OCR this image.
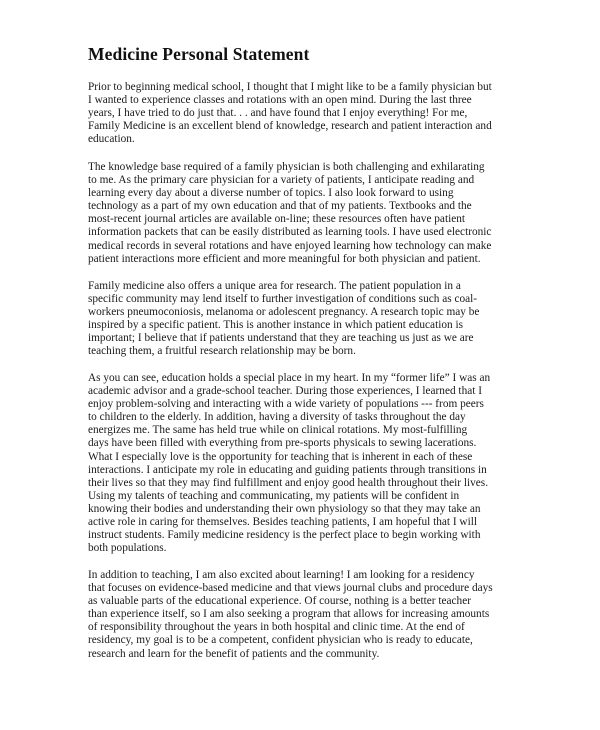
Medicine Personal Statement

Prior to beginning medical school, I thought that I might like to be a family physician but
I wanted to experience classes and rotations with an open mind. During the last three
years, I have tried to do just that. . . and have found that I enjoy everything! For me,
Family Medicine is an excellent blend of knowledge, research and patient interaction and
education.

The knowledge base required of a family physician is both challenging and exhilarating
to me. As the primary care physician for a variety of patients, I anticipate reading and
learning every day about a diverse number of topics. I also look forward to using
technology as a part of my own education and that of my patients. Textbooks and the
most-recent journal articles are available on-line; these resources often have patient
information packets that can be easily distributed as learning tools. I have used electronic
medical records in several rotations and have enjoyed learning how technology can make
patient interactions more efficient and more meaningful for both physician and patient.

Family medicine also offers a unique area for research. The patient population in a
specific community may lend itself to further investigation of conditions such as coal-
workers pneumoconiosis, melanoma or adolescent pregnancy. A research topic may be
inspired by a specific patient. This is another instance in which patient education is
important; I believe that if patients understand that they are teaching us just as we are
teaching them, a fruitful research relationship may be born.

As you can see, education holds a special place in my heart. In my “former life” I was an
academic advisor and a grade-school teacher. During those experiences, I learned that I
enjoy problem-solving and interacting with a wide variety of populations --- from peers
to children to the elderly. In addition, having a diversity of tasks throughout the day
energizes me. The same has held true while on clinical rotations. My most-fulfilling
days have been filled with everything from pre-sports physicals to sewing lacerations.
What I especially love is the opportunity for teaching that is inherent in each of these
interactions. I anticipate my role in educating and guiding patients through transitions in
their lives so that they may find fulfillment and enjoy good health throughout their lives.
Using my talents of teaching and communicating, my patients will be confident in
knowing their bodies and understanding their own physiology so that they may take an
active role in caring for themselves. Besides teaching patients, I am hopeful that I will
instruct students. Family medicine residency is the perfect place to begin working with
both populations.

In addition to teaching, I am also excited about learning! I am looking for a residency
that focuses on evidence-based medicine and that views journal clubs and procedure days
as valuable parts of the educational experience. Of course, nothing is a better teacher
than experience itself, so I am also seeking a program that allows for increasing amounts
of responsibility throughout the years in both hospital and clinic time. At the end of
residency, my goal is to be a competent, confident physician who is ready to educate,
research and learn for the benefit of patients and the community.
